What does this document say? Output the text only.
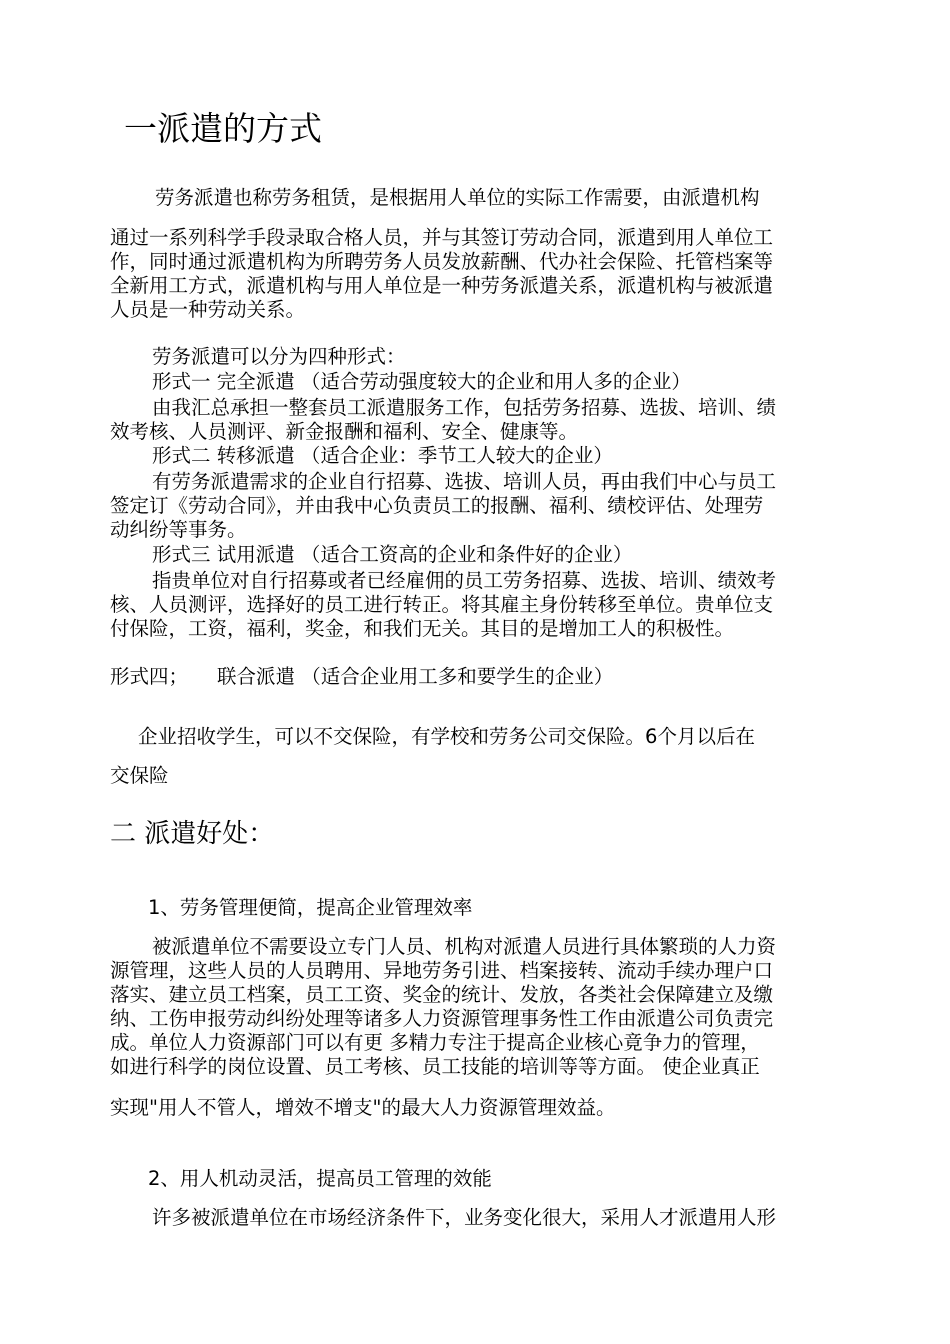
一派遣的方式
劳务派遣也称劳务租赁，是根据用人单位的实际工作需要，由派遣机构
通过一系列科学手段录取合格人员，并与其签订劳动合同，派遣到用人单位工
作，同时通过派遣机构为所聘劳务人员发放薪酬、代办社会保险、托管档案等
全新用工方式，派遣机构与用人单位是一种劳务派遣关系，派遣机构与被派遣
人员是一种劳动关系。
劳务派遣可以分为四种形式：
形式一 完全派遣 （适合劳动强度较大的企业和用人多的企业）
由我汇总承担一整套员工派遣服务工作，包括劳务招募、选拔、培训、绩
效考核、人员测评、新金报酬和福利、安全、健康等。
形式二 转移派遣 （适合企业：季节工人较大的企业）
有劳务派遣需求的企业自行招募、选拔、培训人员，再由我们中心与员工
签定订《劳动合同》，并由我中心负责员工的报酬、福利、绩校评估、处理劳
动纠纷等事务。
形式三 试用派遣 （适合工资高的企业和条件好的企业）
指贵单位对自行招募或者已经雇佣的员工劳务招募、选拔、培训、绩效考
核、人员测评，选择好的员工进行转正。将其雇主身份转移至单位。贵单位支
付保险，工资，福利，奖金，和我们无关。其目的是增加工人的积极性。
形式四； 联合派遣 （适合企业用工多和要学生的企业）
企业招收学生，可以不交保险，有学校和劳务公司交保险。6个月以后在
交保险
二 派遣好处：
1、劳务管理便简，提高企业管理效率
被派遣单位不需要设立专门人员、机构对派遣人员进行具体繁琐的人力资
源管理，这些人员的人员聘用、异地劳务引进、档案接转、流动手续办理户口
落实、建立员工档案，员工工资、奖金的统计、发放，各类社会保障建立及缴
纳、工伤申报劳动纠纷处理等诸多人力资源管理事务性工作由派遣公司负责完
成。单位人力资源部门可以有更 多精力专注于提高企业核心竟争力的管理，
如进行科学的岗位设置、员工考核、员工技能的培训等等方面。 使企业真正
实现"用人不管人，增效不增支"的最大人力资源管理效益。
2、用人机动灵活，提高员工管理的效能
许多被派遣单位在市场经济条件下，业务变化很大，采用人才派遣用人形
